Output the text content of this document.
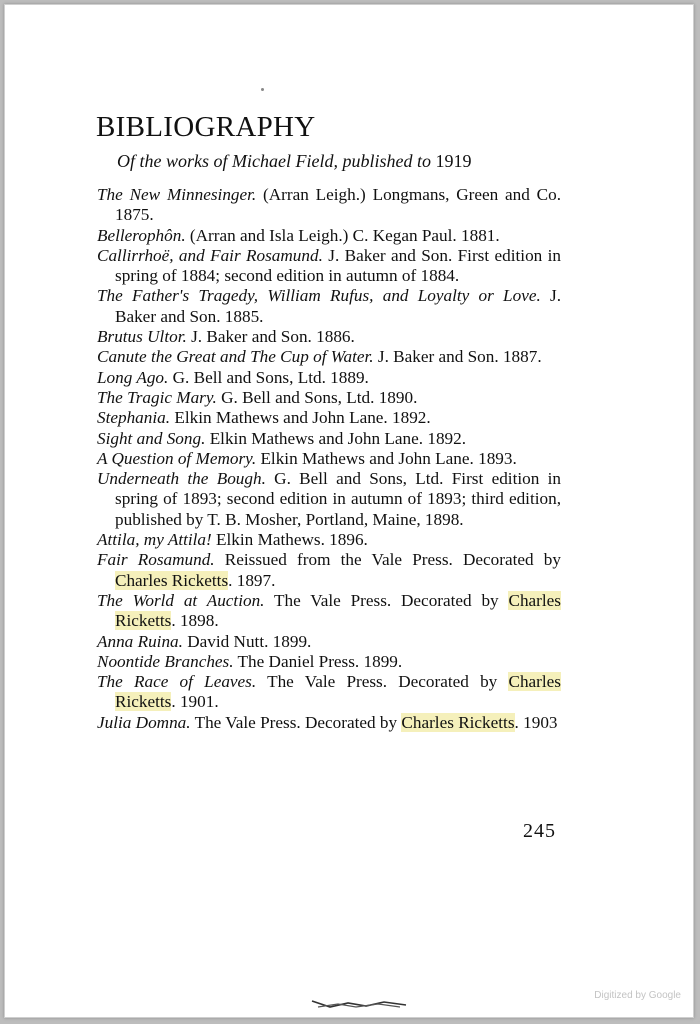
BIBLIOGRAPHY
Of the works of Michael Field, published to 1919
The New Minnesinger. (Arran Leigh.) Longmans, Green and Co. 1875.
Bellerophôn. (Arran and Isla Leigh.) C. Kegan Paul. 1881.
Callirrhoë, and Fair Rosamund. J. Baker and Son. First edition in spring of 1884; second edition in autumn of 1884.
The Father's Tragedy, William Rufus, and Loyalty or Love. J. Baker and Son. 1885.
Brutus Ultor. J. Baker and Son. 1886.
Canute the Great and The Cup of Water. J. Baker and Son. 1887.
Long Ago. G. Bell and Sons, Ltd. 1889.
The Tragic Mary. G. Bell and Sons, Ltd. 1890.
Stephania. Elkin Mathews and John Lane. 1892.
Sight and Song. Elkin Mathews and John Lane. 1892.
A Question of Memory. Elkin Mathews and John Lane. 1893.
Underneath the Bough. G. Bell and Sons, Ltd. First edition in spring of 1893; second edition in autumn of 1893; third edition, published by T. B. Mosher, Portland, Maine, 1898.
Attila, my Attila! Elkin Mathews. 1896.
Fair Rosamund. Reissued from the Vale Press. Decorated by Charles Ricketts. 1897.
The World at Auction. The Vale Press. Decorated by Charles Ricketts. 1898.
Anna Ruina. David Nutt. 1899.
Noontide Branches. The Daniel Press. 1899.
The Race of Leaves. The Vale Press. Decorated by Charles Ricketts. 1901.
Julia Domna. The Vale Press. Decorated by Charles Ricketts. 1903
245
Digitized by Google
